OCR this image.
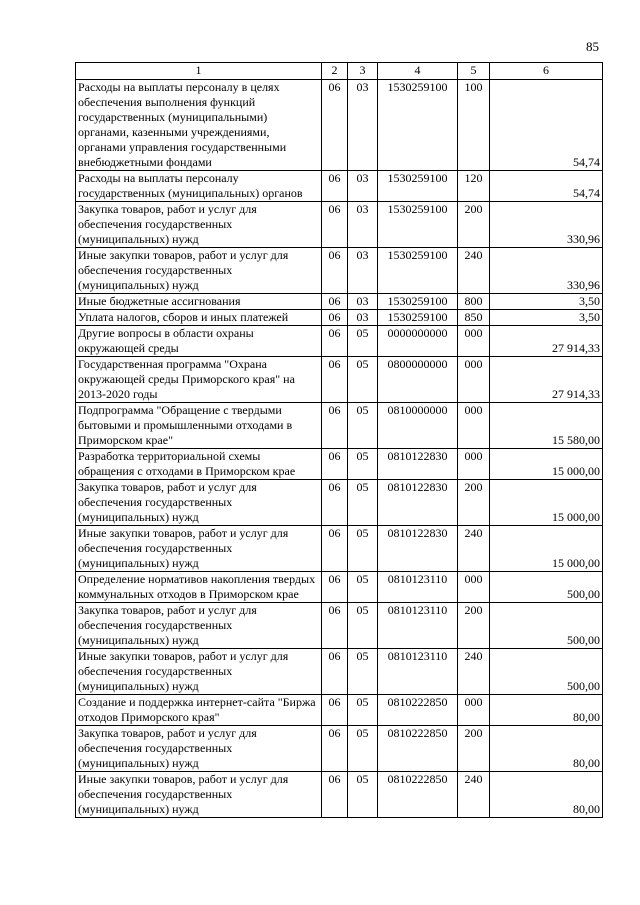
85
1	2	3	4	5	6
Расходы на выплаты персоналу в целях обеспечения выполнения функций государственных (муниципальными) органами, казенными учреждениями, органами управления государственными внебюджетными фондами	06	03	1530259100	100	54,74
Расходы на выплаты персоналу государственных (муниципальных) органов	06	03	1530259100	120	54,74
Закупка товаров, работ и услуг для обеспечения государственных (муниципальных) нужд	06	03	1530259100	200	330,96
Иные закупки товаров, работ и услуг для обеспечения государственных (муниципальных) нужд	06	03	1530259100	240	330,96
Иные бюджетные ассигнования	06	03	1530259100	800	3,50
Уплата налогов, сборов и иных платежей	06	03	1530259100	850	3,50
Другие вопросы в области охраны окружающей среды	06	05	0000000000	000	27 914,33
Государственная программа "Охрана окружающей среды Приморского края" на 2013-2020 годы	06	05	0800000000	000	27 914,33
Подпрограмма "Обращение с твердыми бытовыми и промышленными отходами в Приморском крае"	06	05	0810000000	000	15 580,00
Разработка территориальной схемы обращения с отходами в Приморском крае	06	05	0810122830	000	15 000,00
Закупка товаров, работ и услуг для обеспечения государственных (муниципальных) нужд	06	05	0810122830	200	15 000,00
Иные закупки товаров, работ и услуг для обеспечения государственных (муниципальных) нужд	06	05	0810122830	240	15 000,00
Определение нормативов накопления твердых коммунальных отходов в Приморском крае	06	05	0810123110	000	500,00
Закупка товаров, работ и услуг для обеспечения государственных (муниципальных) нужд	06	05	0810123110	200	500,00
Иные закупки товаров, работ и услуг для обеспечения государственных (муниципальных) нужд	06	05	0810123110	240	500,00
Создание и поддержка интернет-сайта "Биржа отходов Приморского края"	06	05	0810222850	000	80,00
Закупка товаров, работ и услуг для обеспечения государственных (муниципальных) нужд	06	05	0810222850	200	80,00
Иные закупки товаров, работ и услуг для обеспечения государственных (муниципальных) нужд	06	05	0810222850	240	80,00
